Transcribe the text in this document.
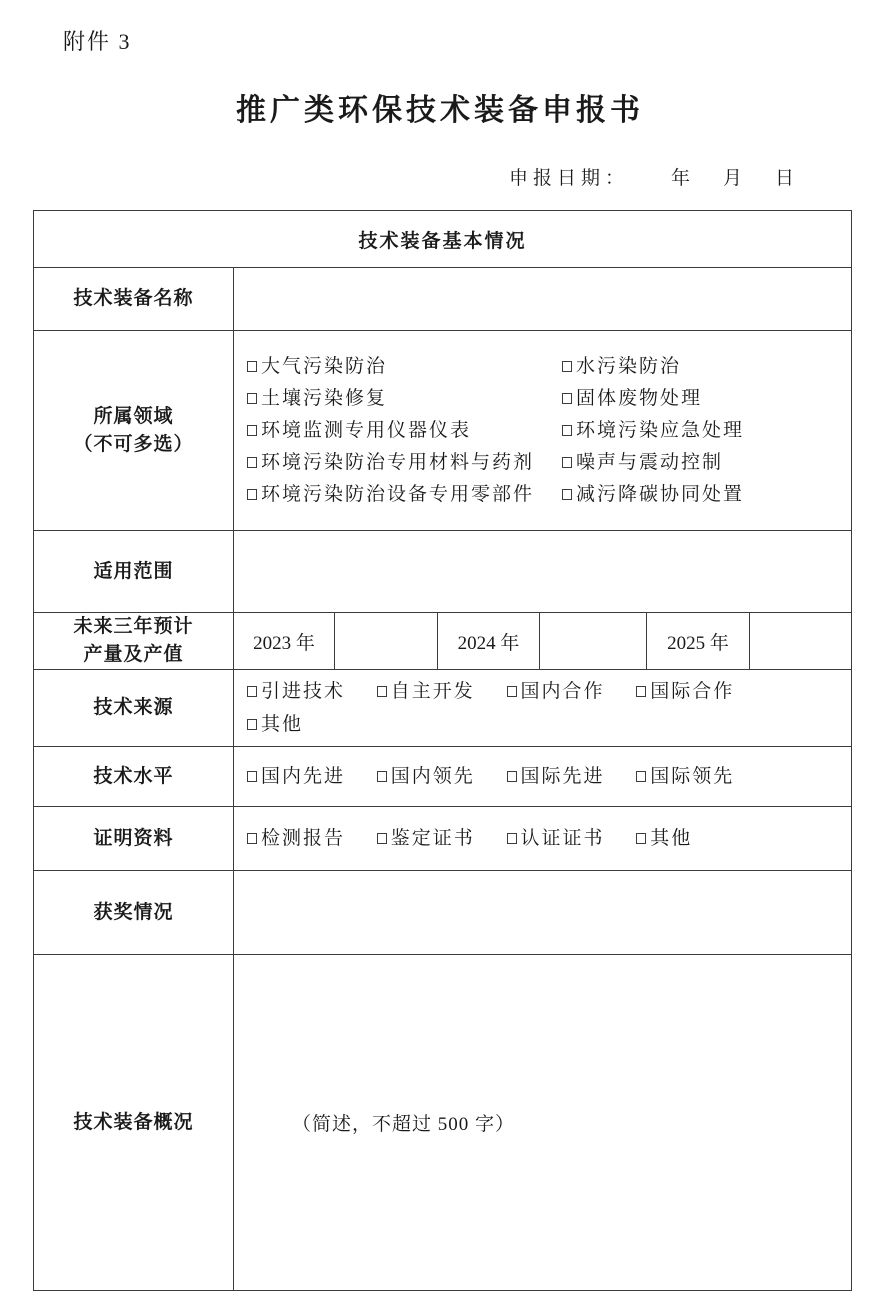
附件 3
推广类环保技术装备申报书
申报日期： 年 月 日
技术装备基本情况						
技术装备名称						

所属领域
（不可多选）

大气污染防治
土壤污染修复
环境监测专用仪器仪表
环境污染防治专用材料与药剂
环境污染防治设备专用零部件
水污染防治
固体废物处理
环境污染应急处理
噪声与震动控制
减污降碳协同处置

适用范围						

未来三年预计
产量及产值	2023 年		2024 年		2025 年	
技术来源	引进技术 自主开发 国内合作 国际合作
其他					

技术水平	国内先进 国内领先 国际先进 国际领先					

证明资料	检测报告 鉴定证书 认证证书 其他					

获奖情况						
技术装备概况	（简述，不超过 500 字）					
